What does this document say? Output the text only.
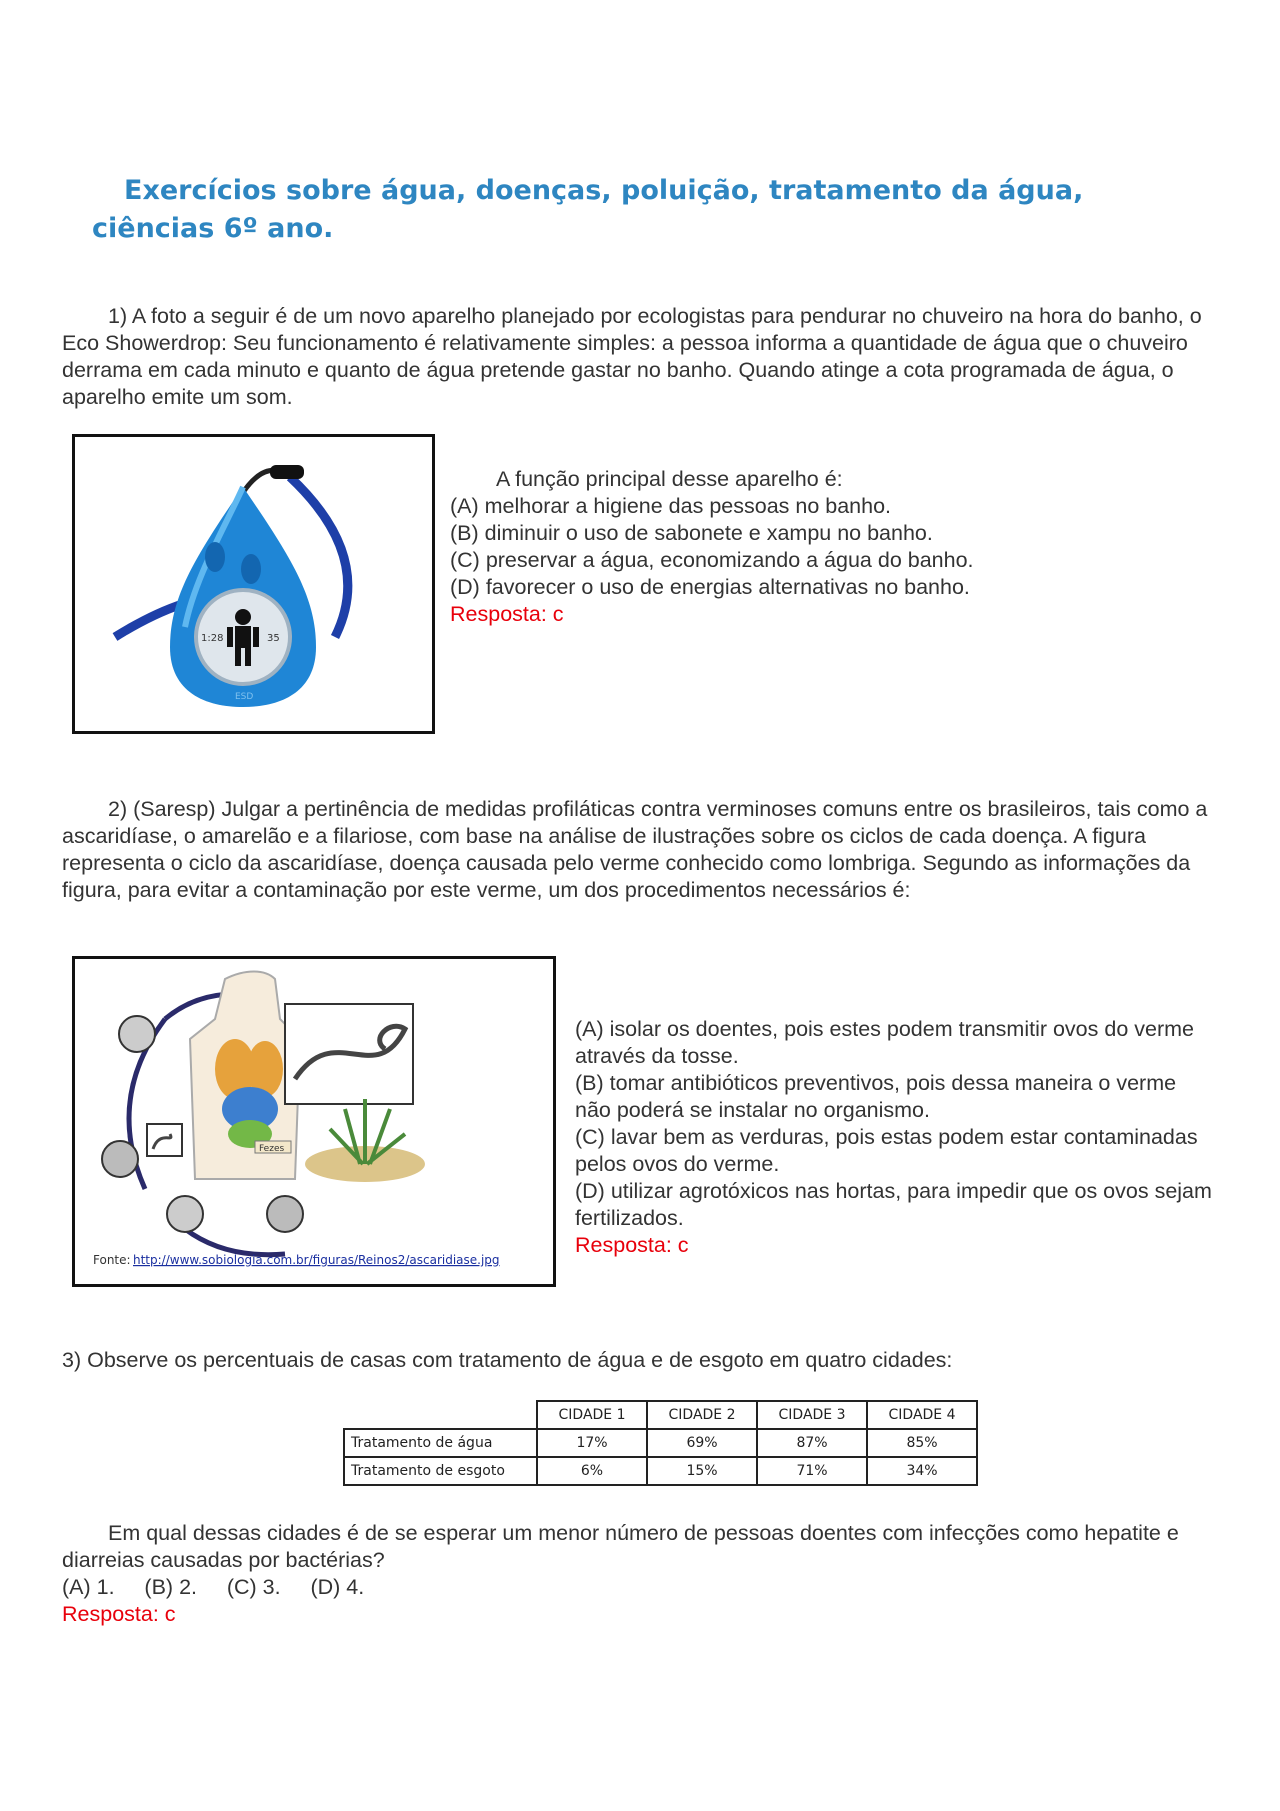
Exercícios sobre água, doenças, poluição, tratamento da água, ciências 6º ano.
1) A foto a seguir é de um novo aparelho planejado por ecologistas para pendurar no chuveiro na hora do banho, o Eco Showerdrop: Seu funcionamento é relativamente simples: a pessoa informa a quantidade de água que o chuveiro derrama em cada minuto e quanto de água pretende gastar no banho. Quando atinge a cota programada de água, o aparelho emite um som.
1:28	35
ESD
A função principal desse aparelho é:
(A) melhorar a higiene das pessoas no banho.
(B) diminuir o uso de sabonete e xampu no banho.
(C) preservar a água, economizando a água do banho.
(D) favorecer o uso de energias alternativas no banho.
Resposta: c
2) (Saresp) Julgar a pertinência de medidas profiláticas contra verminoses comuns entre os brasileiros, tais como a ascaridíase, o amarelão e a filariose, com base na análise de ilustrações sobre os ciclos de cada doença. A figura representa o ciclo da ascaridíase, doença causada pelo verme conhecido como lombriga. Segundo as informações da figura, para evitar a contaminação por este verme, um dos procedimentos necessários é:
Fezes
Fonte: http://www.sobiologia.com.br/figuras/Reinos2/ascaridiase.jpg
(A) isolar os doentes, pois estes podem transmitir ovos do verme através da tosse.
(B) tomar antibióticos preventivos, pois dessa maneira o verme não poderá se instalar no organismo.
(C) lavar bem as verduras, pois estas podem estar contaminadas pelos ovos do verme.
(D) utilizar agrotóxicos nas hortas, para impedir que os ovos sejam fertilizados.
Resposta: c
3) Observe os percentuais de casas com tratamento de água e de esgoto em quatro cidades:
	CIDADE 1	CIDADE 2	CIDADE 3	CIDADE 4
Tratamento de água	17%	69%	87%	85%
Tratamento de esgoto	6%	15%	71%	34%
Em qual dessas cidades é de se esperar um menor número de pessoas doentes com infecções como hepatite e diarreias causadas por bactérias?
(A) 1.     (B) 2.     (C) 3.     (D) 4.
Resposta: c
